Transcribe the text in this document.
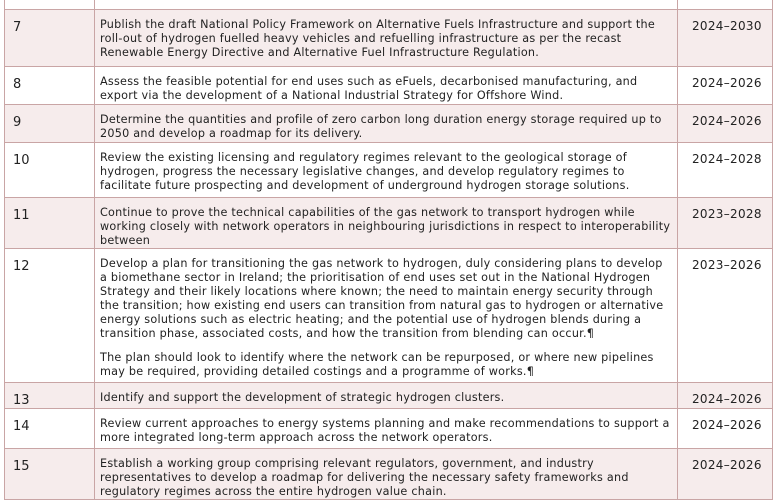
7	Publish the draft National Policy Framework on Alternative Fuels Infrastructure and support the roll-out of hydrogen fuelled heavy vehicles and refuelling infrastructure as per the recast Renewable Energy Directive and Alternative Fuel Infrastructure Regulation.	2024–2030
8	Assess the feasible potential for end uses such as eFuels, decarbonised manufacturing, and export via the development of a National Industrial Strategy for Offshore Wind.	2024–2026
9	Determine the quantities and profile of zero carbon long duration energy storage required up to 2050 and develop a roadmap for its delivery.	2024–2026
10	Review the existing licensing and regulatory regimes relevant to the geological storage of hydrogen, progress the necessary legislative changes, and develop regulatory regimes to facilitate future prospecting and development of underground hydrogen storage solutions.	2024–2028
11	Continue to prove the technical capabilities of the gas network to transport hydrogen while working closely with network operators in neighbouring jurisdictions in respect to interoperability between	2023–2028
12	Develop a plan for transitioning the gas network to hydrogen, duly considering plans to develop a biomethane sector in Ireland; the prioritisation of end uses set out in the National Hydrogen Strategy and their likely locations where known; the need to maintain energy security through the transition; how existing end users can transition from natural gas to hydrogen or alternative energy solutions such as electric heating; and the potential use of hydrogen blends during a transition phase, associated costs, and how the transition from blending can occur.¶

The plan should look to identify where the network can be repurposed, or where new pipelines may be required, providing detailed costings and a programme of works.¶	2023–2026
13	Identify and support the development of strategic hydrogen clusters.	2024–2026
14	Review current approaches to energy systems planning and make recommendations to support a more integrated long-term approach across the network operators.	2024–2026
15	Establish a working group comprising relevant regulators, government, and industry representatives to develop a roadmap for delivering the necessary safety frameworks and regulatory regimes across the entire hydrogen value chain.	2024–2026
